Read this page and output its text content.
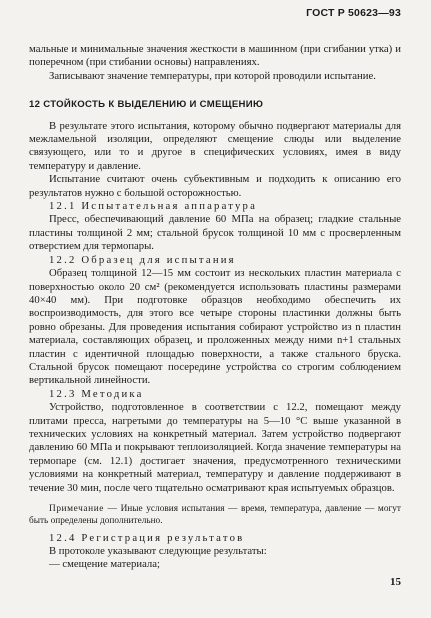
ГОСТ Р 50623—93

мальные и минимальные значения жесткости в машинном (при сгибании утка) и поперечном (при стибании основы) направлениях.

Записывают значение температуры, при которой проводили испытание.

12 СТОЙКОСТЬ К ВЫДЕЛЕНИЮ И СМЕЩЕНИЮ

В результате этого испытания, которому обычно подвергают материалы для межламельной изоляции, определяют смещение слюды или выделение связующего, или то и другое в специфических условиях, имея в виду температуру и давление.

Испытание считают очень субъективным и подходить к описанию его результатов нужно с большой осторожностью.

12.1 Испытательная аппаратура

Пресс, обеспечивающий давление 60 МПа на образец; гладкие стальные пластины толщиной 2 мм; стальной брусок толщиной 10 мм с просверленным отверстием для термопары.

12.2 Образец для испытания

Образец толщиной 12—15 мм состоит из нескольких пластин материала с поверхностью около 20 см² (рекомендуется использовать пластины размерами 40×40 мм). При подготовке образцов необходимо обеспечить их воспроизводимость, для этого все четыре стороны пластинки должны быть ровно обрезаны. Для проведения испытания собирают устройство из n пластин материала, составляющих образец, и проложенных между ними n+1 стальных пластин с идентичной площадью поверхности, а также стального бруска. Стальной брусок помещают посередине устройства со строгим соблюдением вертикальной линейности.

12.3 Методика

Устройство, подготовленное в соответствии с 12.2, помещают между плитами пресса, нагретыми до температуры на 5—10 °С выше указанной в технических условиях на конкретный материал. Затем устройство подвергают давлению 60 МПа и покрывают теплоизоляцией. Когда значение температуры на термопаре (см. 12.1) достигает значения, предусмотренного техническими условиями на конкретный материал, температуру и давление поддерживают в течение 30 мин, после чего тщательно осматривают края испытуемых образцов.

Примечание — Иные условия испытания — время, температура, давление — могут быть определены дополнительно.

12.4 Регистрация результатов

В протоколе указывают следующие результаты:

— смещение материала;

15
